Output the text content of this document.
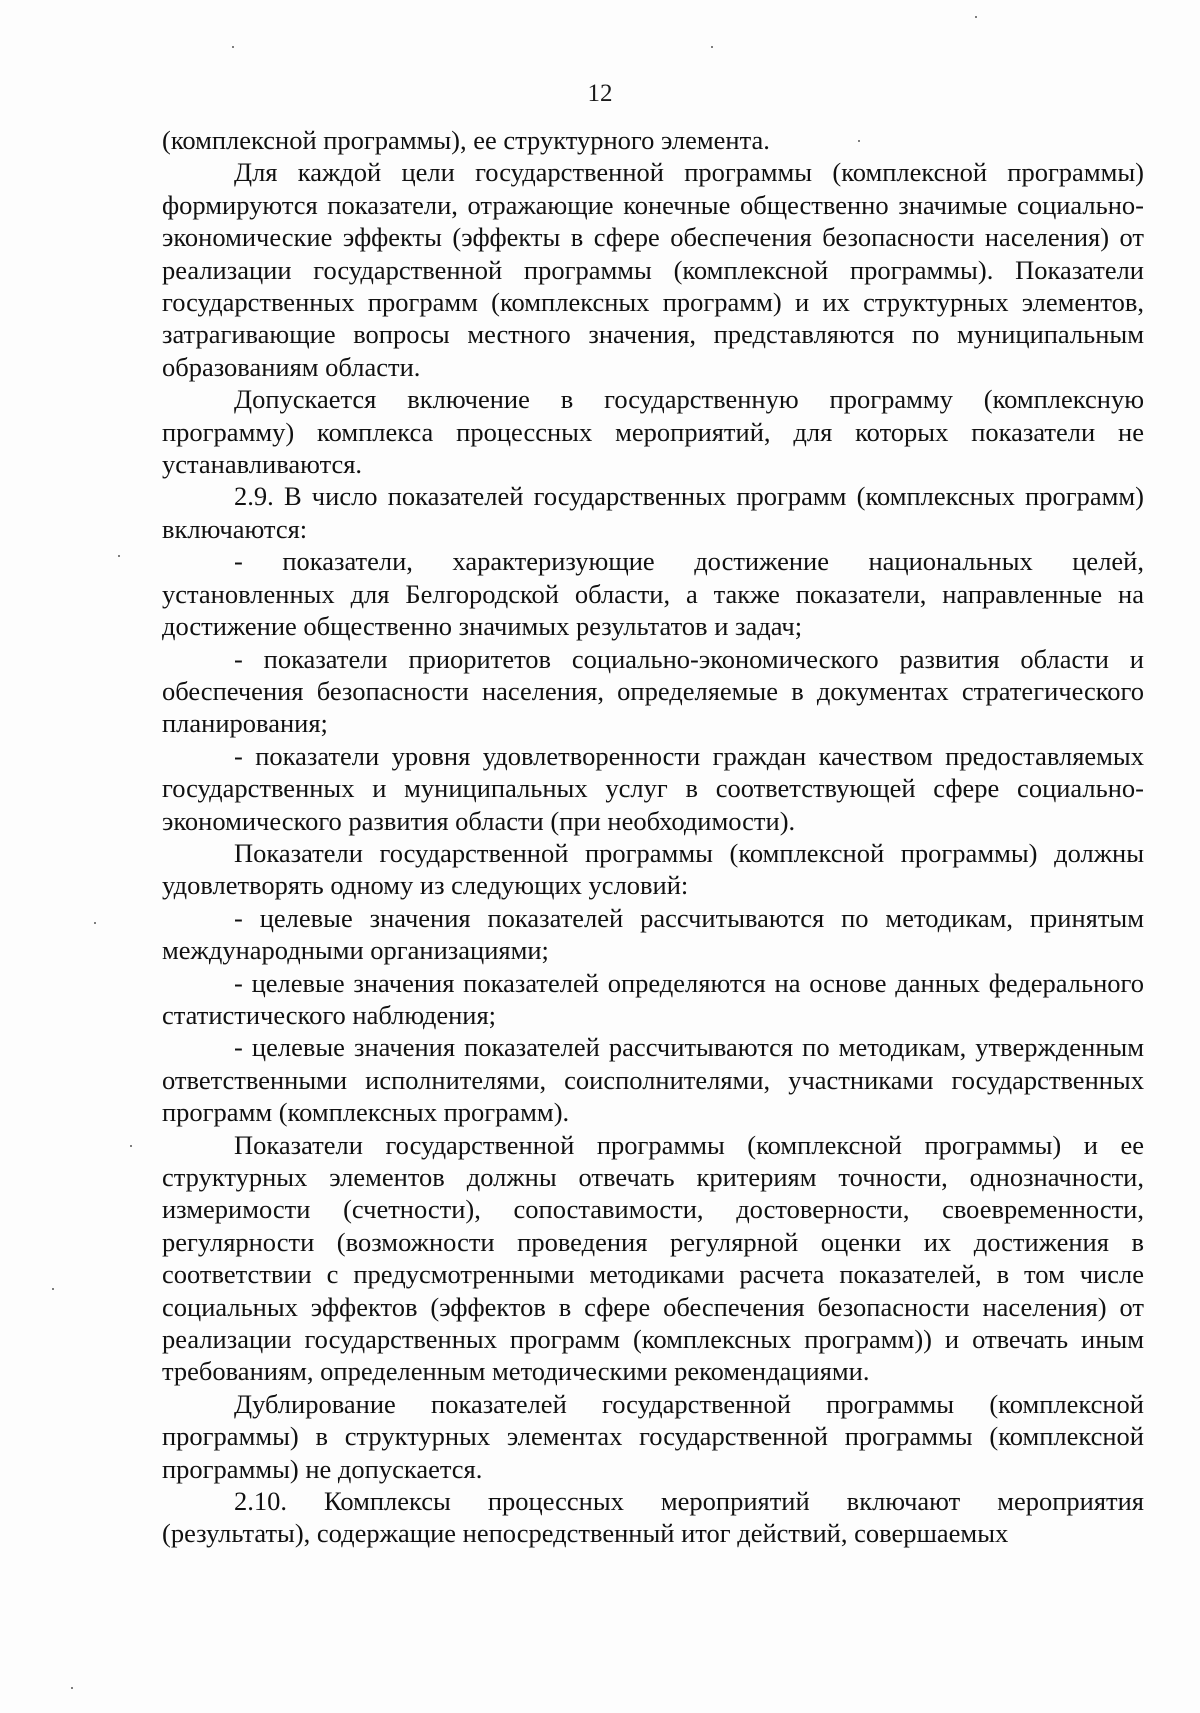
12

(комплексной программы), ее структурного элемента.

Для каждой цели государственной программы (комплексной программы) формируются показатели, отражающие конечные общественно значимые социально-экономические эффекты (эффекты в сфере обеспечения безопасности населения) от реализации государственной программы (комплексной программы). Показатели государственных программ (комплексных программ) и их структурных элементов, затрагивающие вопросы местного значения, представляются по муниципальным образованиям области.

Допускается включение в государственную программу (комплексную программу) комплекса процессных мероприятий, для которых показатели не устанавливаются.

2.9. В число показателей государственных программ (комплексных программ) включаются:

- показатели, характеризующие достижение национальных целей, установленных для Белгородской области, а также показатели, направленные на достижение общественно значимых результатов и задач;

- показатели приоритетов социально-экономического развития области и обеспечения безопасности населения, определяемые в документах стратегического планирования;

- показатели уровня удовлетворенности граждан качеством предоставляемых государственных и муниципальных услуг в соответствующей сфере социально-экономического развития области (при необходимости).

Показатели государственной программы (комплексной программы) должны удовлетворять одному из следующих условий:

- целевые значения показателей рассчитываются по методикам, принятым международными организациями;

- целевые значения показателей определяются на основе данных федерального статистического наблюдения;

- целевые значения показателей рассчитываются по методикам, утвержденным ответственными исполнителями, соисполнителями, участниками государственных программ (комплексных программ).

Показатели государственной программы (комплексной программы) и ее структурных элементов должны отвечать критериям точности, однозначности, измеримости (счетности), сопоставимости, достоверности, своевременности, регулярности (возможности проведения регулярной оценки их достижения в соответствии с предусмотренными методиками расчета показателей, в том числе социальных эффектов (эффектов в сфере обеспечения безопасности населения) от реализации государственных программ (комплексных программ)) и отвечать иным требованиям, определенным методическими рекомендациями.

Дублирование показателей государственной программы (комплексной программы) в структурных элементах государственной программы (комплексной программы) не допускается.

2.10. Комплексы процессных мероприятий включают мероприятия (результаты), содержащие непосредственный итог действий, совершаемых
